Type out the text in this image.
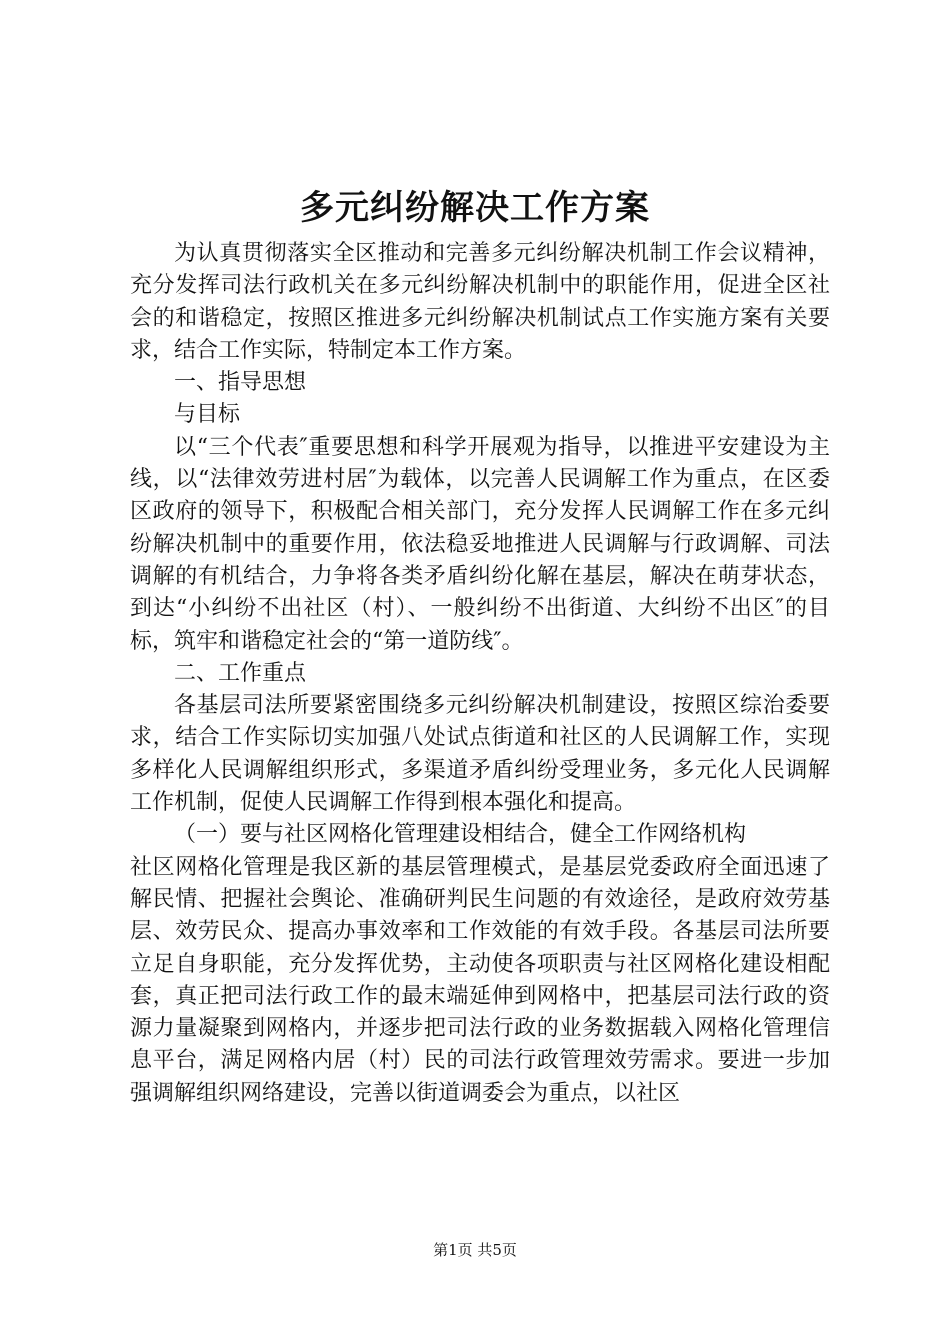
多元纠纷解决工作方案

为认真贯彻落实全区推动和完善多元纠纷解决机制工作会议精神，充分发挥司法行政机关在多元纠纷解决机制中的职能作用，促进全区社会的和谐稳定，按照区推进多元纠纷解决机制试点工作实施方案有关要求，结合工作实际，特制定本工作方案。

一、指导思想

与目标

以“三个代表″重要思想和科学开展观为指导，以推进平安建设为主线，以“法律效劳进村居″为载体，以完善人民调解工作为重点，在区委区政府的领导下，积极配合相关部门，充分发挥人民调解工作在多元纠纷解决机制中的重要作用，依法稳妥地推进人民调解与行政调解、司法调解的有机结合，力争将各类矛盾纠纷化解在基层，解决在萌芽状态，到达“小纠纷不出社区（村）、一般纠纷不出街道、大纠纷不出区″的目标，筑牢和谐稳定社会的“第一道防线″。

二、工作重点

各基层司法所要紧密围绕多元纠纷解决机制建设，按照区综治委要求，结合工作实际切实加强八处试点街道和社区的人民调解工作，实现多样化人民调解组织形式，多渠道矛盾纠纷受理业务，多元化人民调解工作机制，促使人民调解工作得到根本强化和提高。

（一）要与社区网格化管理建设相结合，健全工作网络机构

社区网格化管理是我区新的基层管理模式，是基层党委政府全面迅速了解民情、把握社会舆论、准确研判民生问题的有效途径，是政府效劳基层、效劳民众、提高办事效率和工作效能的有效手段。各基层司法所要立足自身职能，充分发挥优势，主动使各项职责与社区网格化建设相配套，真正把司法行政工作的最末端延伸到网格中，把基层司法行政的资源力量凝聚到网格内，并逐步把司法行政的业务数据载入网格化管理信息平台，满足网格内居（村）民的司法行政管理效劳需求。要进一步加强调解组织网络建设，完善以街道调委会为重点，以社区

第1页 共5页
